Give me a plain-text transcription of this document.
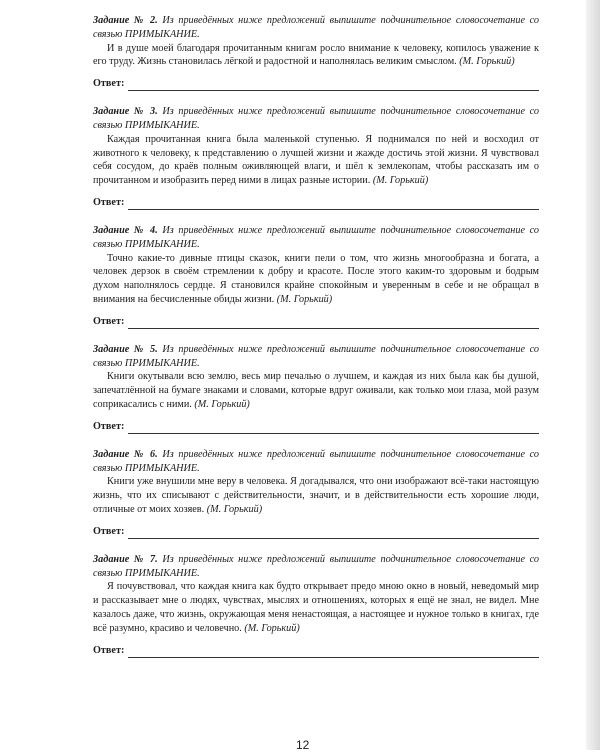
Задание № 2. Из приведённых ниже предложений выпишите подчинительное словосочетание со связью ПРИМЫКАНИЕ.
И в душе моей благодаря прочитанным книгам росло внимание к человеку, копилось уважение к его труду. Жизнь становилась лёгкой и радостной и наполнялась великим смыслом. (М. Горький)
Ответ:
Задание № 3. Из приведённых ниже предложений выпишите подчинительное словосочетание со связью ПРИМЫКАНИЕ.
Каждая прочитанная книга была маленькой ступенью. Я поднимался по ней и восходил от животного к человеку, к представлению о лучшей жизни и жажде достичь этой жизни. Я чувствовал себя сосудом, до краёв полным оживляющей влаги, и шёл к землекопам, чтобы рассказать им о прочитанном и изобразить перед ними в лицах разные истории. (М. Горький)
Ответ:
Задание № 4. Из приведённых ниже предложений выпишите подчинительное словосочетание со связью ПРИМЫКАНИЕ.
Точно какие-то дивные птицы сказок, книги пели о том, что жизнь многообразна и богата, а человек дерзок в своём стремлении к добру и красоте. После этого каким-то здоровым и бодрым духом наполнялось сердце. Я становился крайне спокойным и уверенным в себе и не обращал в внимания на бесчисленные обиды жизни. (М. Горький)
Ответ:
Задание № 5. Из приведённых ниже предложений выпишите подчинительное словосочетание со связью ПРИМЫКАНИЕ.
Книги окутывали всю землю, весь мир печалью о лучшем, и каждая из них была как бы душой, запечатлённой на бумаге знаками и словами, которые вдруг оживали, как только мои глаза, мой разум соприкасались с ними. (М. Горький)
Ответ:
Задание № 6. Из приведённых ниже предложений выпишите подчинительное словосочетание со связью ПРИМЫКАНИЕ.
Книги уже внушили мне веру в человека. Я догадывался, что они изображают всё-таки настоящую жизнь, что их списывают с действительности, значит, и в действительности есть хорошие люди, отличные от моих хозяев. (М. Горький)
Ответ:
Задание № 7. Из приведённых ниже предложений выпишите подчинительное словосочетание со связью ПРИМЫКАНИЕ.
Я почувствовал, что каждая книга как будто открывает предо мною окно в новый, неведомый мир и рассказывает мне о людях, чувствах, мыслях и отношениях, которых я ещё не знал, не видел. Мне казалось даже, что жизнь, окружающая меня ненастоящая, а настоящее и нужное только в книгах, где всё разумно, красиво и человечно. (М. Горький)
Ответ:
12
